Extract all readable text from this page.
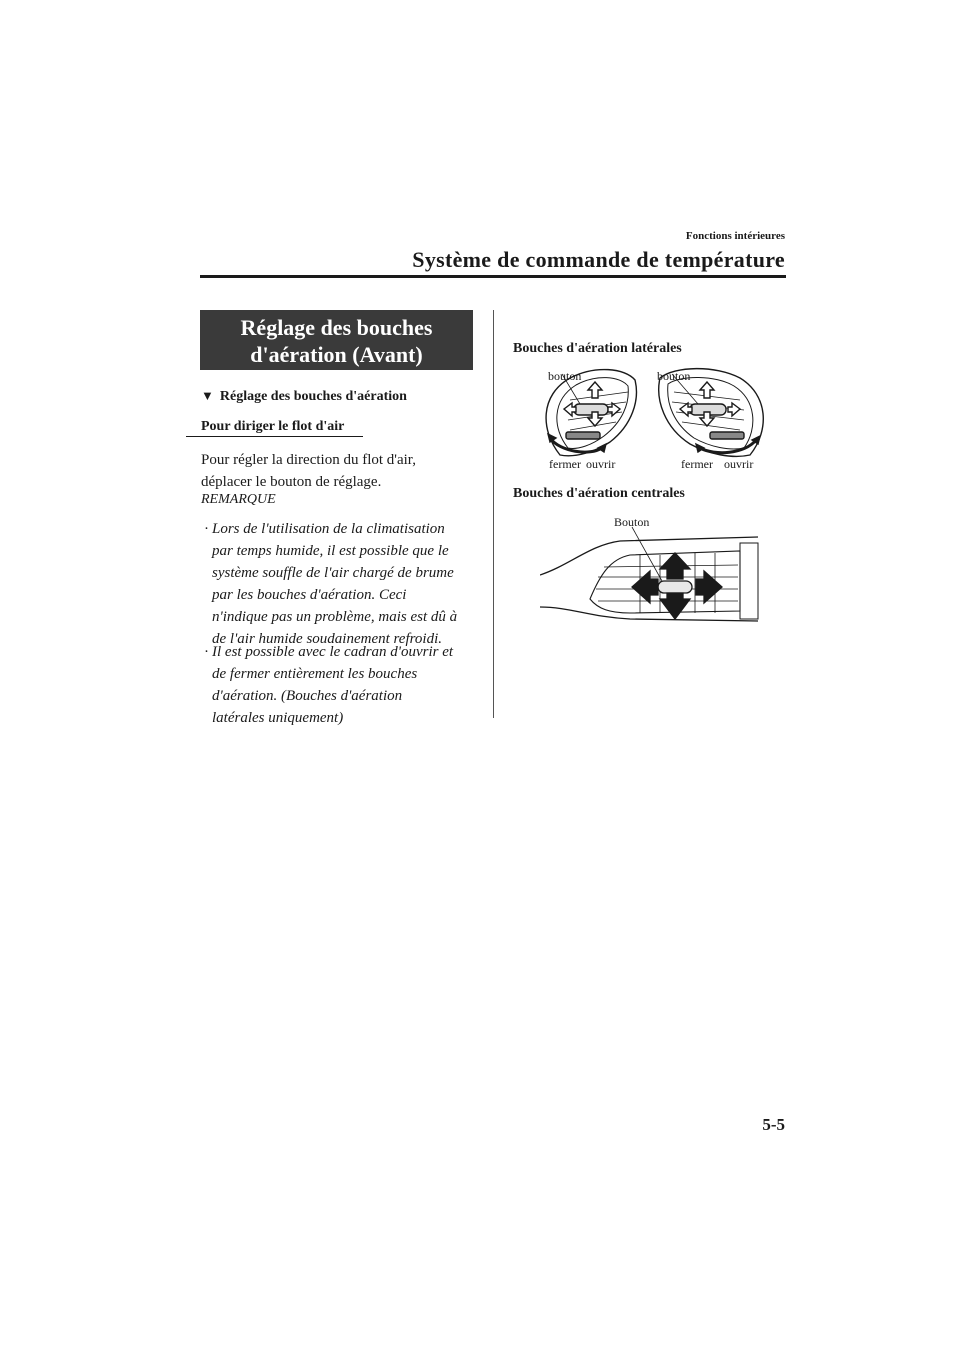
Fonctions intérieures
Système de commande de température
Réglage des bouches
d'aération (Avant)
▼ Réglage des bouches d'aération
Pour diriger le flot d'air
Pour régler la direction du flot d'air,
déplacer le bouton de réglage.
REMARQUE
· Lors de l'utilisation de la climatisation
par temps humide, il est possible que le
système souffle de l'air chargé de brume
par les bouches d'aération. Ceci
n'indique pas un problème, mais est dû à
de l'air humide soudainement refroidi.
· Il est possible avec le cadran d'ouvrir et
de fermer entièrement les bouches
d'aération. (Bouches d'aération
latérales uniquement)
Bouches d'aération latérales
bouton	bouton
fermer ouvrir	fermer ouvrir
Bouches d'aération centrales
Bouton
5-5
